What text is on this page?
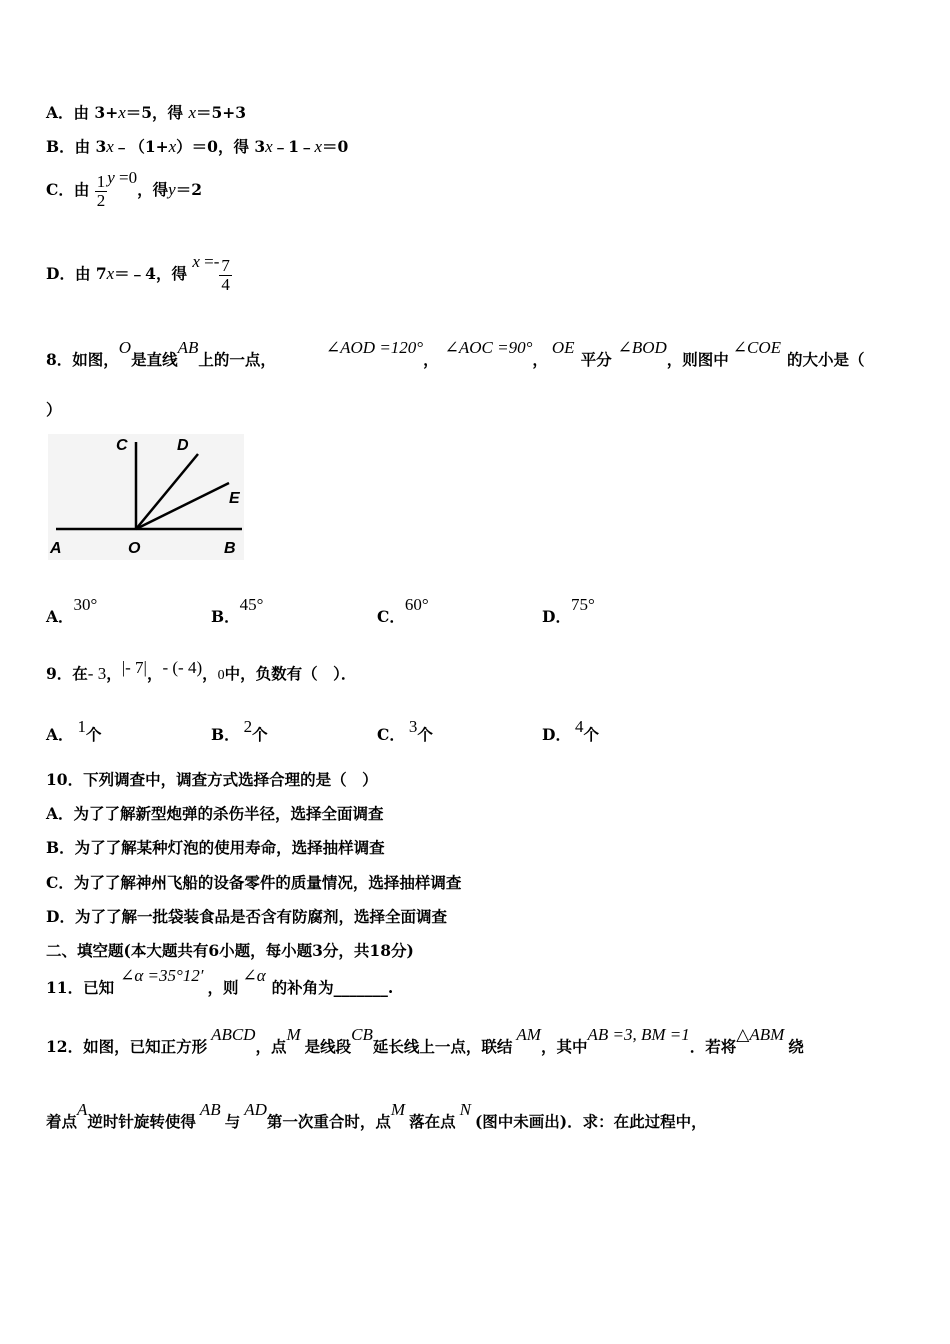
A．由 3+x＝5，得 x＝5+3
B．由 3x﹣（1+x）＝0，得 3x﹣1﹣x＝0
C．由 $\frac{1}{2}$ y =0，得y＝2
D．由 7x＝﹣4，得 $x =- \frac{7}{4}$
8．如图，O是直线AB上的一点，∠AOD =120°，∠AOC =90°，OE平分∠BOD，则图中∠COE的大小是（
）
C	D
E
A	O	B
A．30°
B．45°
C．60°
D．75°
9．在- 3，|- 7|，- (- 4)，0中，负数有（　）．
A． 1个	B． 2个	C． 3个	D． 4个
10．下列调查中，调查方式选择合理的是（　）
A．为了了解新型炮弹的杀伤半径，选择全面调查
B．为了了解某种灯泡的使用寿命，选择抽样调查
C．为了了解神州飞船的设备零件的质量情况，选择抽样调查
D．为了了解一批袋装食品是否含有防腐剂，选择全面调查
二、填空题(本大题共有6小题，每小题3分，共18分)
11．已知∠α =35°12′，则∠α的补角为_______.
12．如图，已知正方形ABCD，点M是线段CB延长线上一点，联结AM，其中AB =3, BM =1．若将△ABM绕
着点A逆时针旋转使得AB与AD第一次重合时，点M落在点N(图中未画出)．求：在此过程中，
